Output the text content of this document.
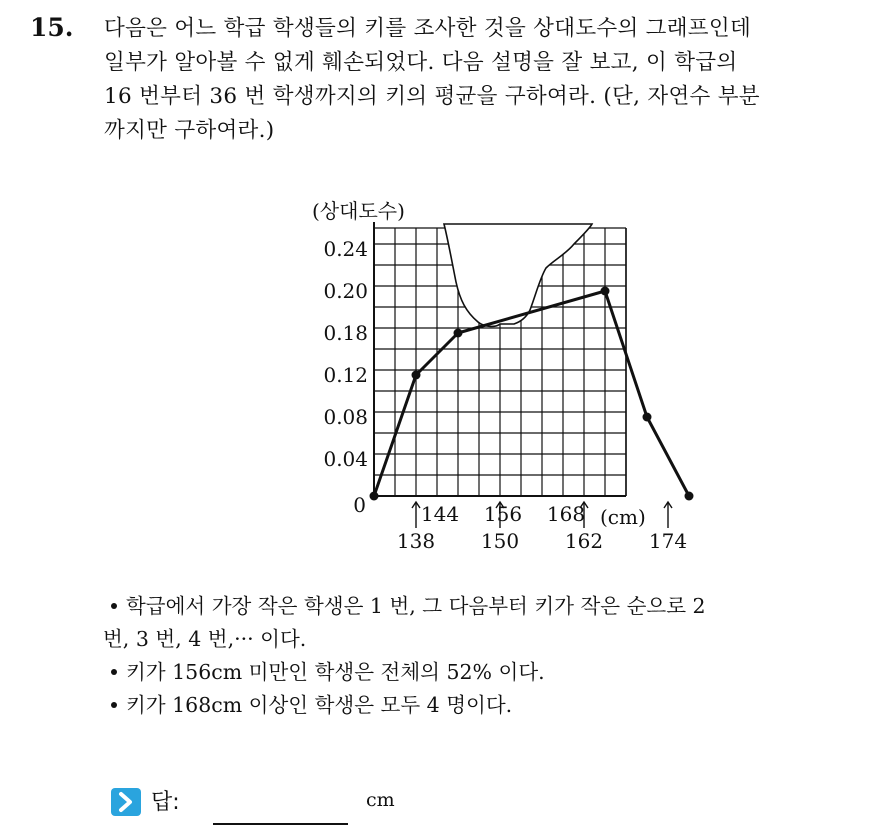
15. 다음은 어느 학급 학생들의 키를 조사한 것을 상대도수의 그래프인데
일부가 알아볼 수 없게 훼손되었다. 다음 설명을 잘 보고, 이 학급의
16 번부터 36 번 학생까지의 키의 평균을 구하여라. (단, 자연수 부분
까지만 구하여라.)
(상대도수)
0.24
0.20
0.18
0.12
0.08
0.04
0	144 156 168
138 150 162 174
(cm)
학급에서 가장 작은 학생은 1 번, 그 다음부터 키가 작은 순으로 2
번, 3 번, 4 번,··· 이다.
키가 156cm 미만인 학생은 전체의 52% 이다.
키가 168cm 이상인 학생은 모두 4 명이다.
답:	cm
